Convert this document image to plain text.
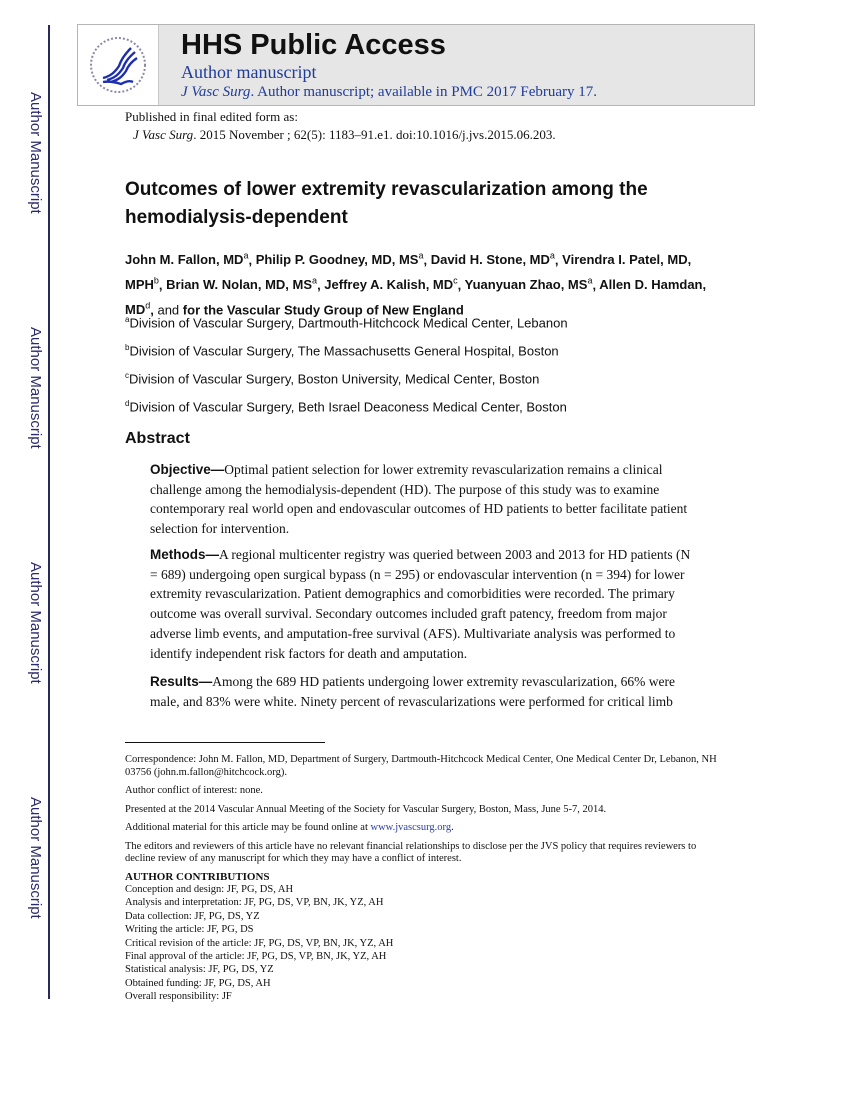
Author Manuscript
Author Manuscript
Author Manuscript
Author Manuscript
HHS Public Access
Author manuscript
J Vasc Surg. Author manuscript; available in PMC 2017 February 17.
Published in final edited form as:
J Vasc Surg. 2015 November ; 62(5): 1183–91.e1. doi:10.1016/j.jvs.2015.06.203.
Outcomes of lower extremity revascularization among the hemodialysis-dependent
John M. Fallon, $MD^a$, Philip P. Goodney, MD, $MS^a$, David H. Stone, $MD^a$, Virendra I. Patel, MD, MPH$^b$, Brian W. Nolan, MD, $MS^a$, Jeffrey A. Kalish, $MD^c$, Yuanyuan Zhao, $MS^a$, Allen D. Hamdan, $MD^d$, and for the Vascular Study Group of New England
$^a$Division of Vascular Surgery, Dartmouth-Hitchcock Medical Center, Lebanon
$^b$Division of Vascular Surgery, The Massachusetts General Hospital, Boston
$^c$Division of Vascular Surgery, Boston University, Medical Center, Boston
$^d$Division of Vascular Surgery, Beth Israel Deaconess Medical Center, Boston
Abstract
Objective—Optimal patient selection for lower extremity revascularization remains a clinical challenge among the hemodialysis-dependent (HD). The purpose of this study was to examine contemporary real world open and endovascular outcomes of HD patients to better facilitate patient selection for intervention.
Methods—A regional multicenter registry was queried between 2003 and 2013 for HD patients (N = 689) undergoing open surgical bypass (n = 295) or endovascular intervention (n = 394) for lower extremity revascularization. Patient demographics and comorbidities were recorded. The primary outcome was overall survival. Secondary outcomes included graft patency, freedom from major adverse limb events, and amputation-free survival (AFS). Multivariate analysis was performed to identify independent risk factors for death and amputation.
Results—Among the 689 HD patients undergoing lower extremity revascularization, 66% were male, and 83% were white. Ninety percent of revascularizations were performed for critical limb
Correspondence: John M. Fallon, MD, Department of Surgery, Dartmouth-Hitchcock Medical Center, One Medical Center Dr, Lebanon, NH 03756 (john.m.fallon@hitchcock.org).
Author conflict of interest: none.
Presented at the 2014 Vascular Annual Meeting of the Society for Vascular Surgery, Boston, Mass, June 5-7, 2014.
Additional material for this article may be found online at www.jvascsurg.org.
The editors and reviewers of this article have no relevant financial relationships to disclose per the JVS policy that requires reviewers to decline review of any manuscript for which they may have a conflict of interest.
AUTHOR CONTRIBUTIONS
Conception and design: JF, PG, DS, AH
Analysis and interpretation: JF, PG, DS, VP, BN, JK, YZ, AH
Data collection: JF, PG, DS, YZ
Writing the article: JF, PG, DS
Critical revision of the article: JF, PG, DS, VP, BN, JK, YZ, AH
Final approval of the article: JF, PG, DS, VP, BN, JK, YZ, AH
Statistical analysis: JF, PG, DS, YZ
Obtained funding: JF, PG, DS, AH
Overall responsibility: JF
